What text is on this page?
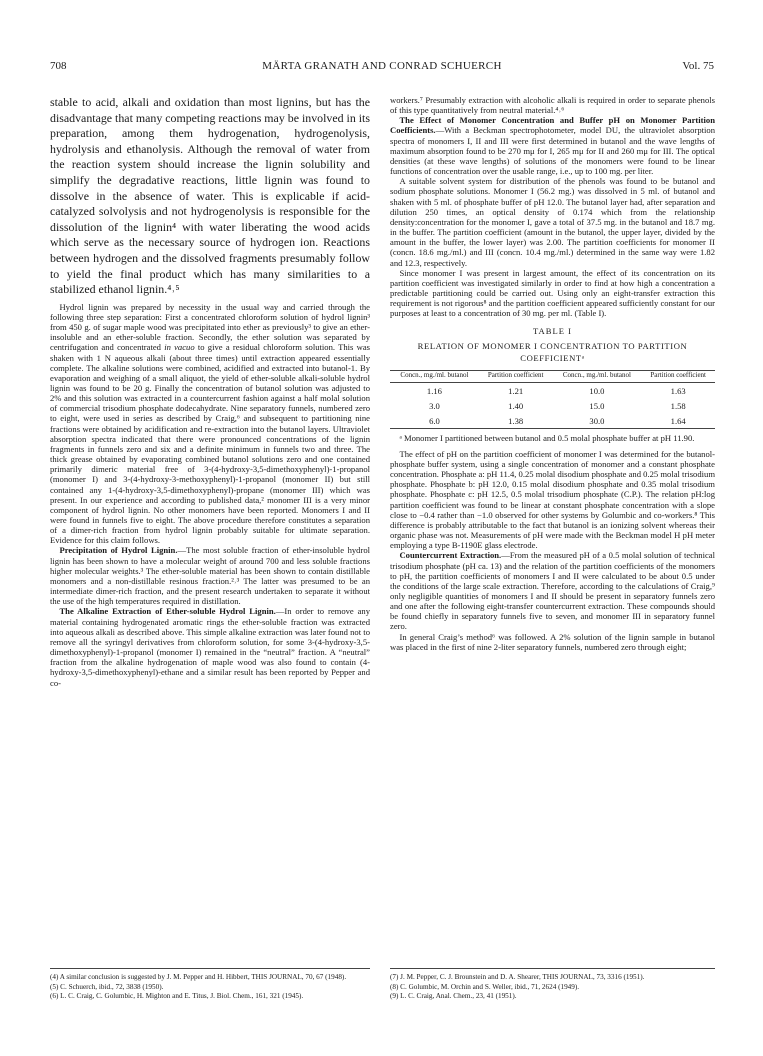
708	MÄRTA GRANATH AND CONRAD SCHUERCH	Vol. 75

stable to acid, alkali and oxidation than most lignins, but has the disadvantage that many competing reactions may be involved in its preparation, among them hydrogenation, hydrogenolysis, hydrolysis and ethanolysis. Although the removal of water from the reaction system should increase the lignin solubility and simplify the degradative reactions, little lignin was found to dissolve in the absence of water. This is explicable if acid-catalyzed solvolysis and not hydrogenolysis is responsible for the dissolution of the lignin⁴ with water liberating the wood acids which serve as the necessary source of hydrogen ion. Reactions between hydrogen and the dissolved fragments presumably follow to yield the final product which has many similarities to a stabilized ethanol lignin.⁴˒⁵

Hydrol lignin was prepared by necessity in the usual way and carried through the following three step separation: First a concentrated chloroform solution of hydrol lignin³ from 450 g. of sugar maple wood was precipitated into ether as previously³ to give an ether-insoluble and an ether-soluble fraction. Secondly, the ether solution was separated by centrifugation and concentrated in vacuo to give a residual chloroform solution. This was shaken with 1 N aqueous alkali (about three times) until extraction appeared essentially complete. The alkaline solutions were combined, acidified and extracted into butanol-1. By evaporation and weighing of a small aliquot, the yield of ether-soluble alkali-soluble hydrol lignin was found to be 20 g. Finally the concentration of butanol solution was adjusted to 2% and this solution was extracted in a countercurrent fashion against a half molal solution of commercial trisodium phosphate dodecahydrate. Nine separatory funnels, numbered zero to eight, were used in series as described by Craig,⁶ and subsequent to partitioning nine fractions were obtained by acidification and re-extraction into the butanol layers. Ultraviolet absorption spectra indicated that there were pronounced concentrations of the lignin fragments in funnels zero and six and a definite minimum in funnels two and three. The thick grease obtained by evaporating combined butanol solutions zero and one contained primarily dimeric material free of 3-(4-hydroxy-3,5-dimethoxyphenyl)-1-propanol (monomer I) and 3-(4-hydroxy-3-methoxyphenyl)-1-propanol (monomer II) but still contained any 1-(4-hydroxy-3,5-dimethoxyphenyl)-propane (monomer III) which was present. In our experience and according to published data,² monomer III is a very minor component of hydrol lignin. No other monomers have been reported. Monomers I and II were found in funnels five to eight. The above procedure therefore constitutes a separation of a dimer-rich fraction from hydrol lignin probably suitable for ultimate separation. Evidence for this claim follows.

Precipitation of Hydrol Lignin.—The most soluble fraction of ether-insoluble hydrol lignin has been shown to have a molecular weight of around 700 and less soluble fractions higher molecular weights.³ The ether-soluble material has been shown to contain distillable monomers and a non-distillable resinous fraction.²˒³ The latter was presumed to be an intermediate dimer-rich fraction, and the present research undertaken to separate it without the use of the high temperatures required in distillation.

The Alkaline Extraction of Ether-soluble Hydrol Lignin.—In order to remove any material containing hydrogenated aromatic rings the ether-soluble fraction was extracted into aqueous alkali as described above. This simple alkaline extraction was later found not to remove all the syringyl derivatives from chloroform solution, for some 3-(4-hydroxy-3,5-dimethoxyphenyl)-1-propanol (monomer I) remained in the “neutral” fraction. A “neutral” fraction from the alkaline hydrogenation of maple wood was also found to contain (4-hydroxy-3,5-dimethoxyphenyl)-ethane and a similar result has been reported by Pepper and co-

(4) A similar conclusion is suggested by J. M. Pepper and H. Hibbert, THIS JOURNAL, 70, 67 (1948).

(5) C. Schuerch, ibid., 72, 3838 (1950).

(6) L. C. Craig, C. Golumbic, H. Mighton and E. Titus, J. Biol. Chem., 161, 321 (1945).

workers.⁷ Presumably extraction with alcoholic alkali is required in order to separate phenols of this type quantitatively from neutral material.⁴˒⁶

The Effect of Monomer Concentration and Buffer pH on Monomer Partition Coefficients.—With a Beckman spectrophotometer, model DU, the ultraviolet absorption spectra of monomers I, II and III were first determined in butanol and the wave lengths of maximum absorption found to be 270 mμ for I, 265 mμ for II and 260 mμ for III. The optical densities (at these wave lengths) of solutions of the monomers were found to be linear functions of concentration over the usable range, i.e., up to 100 mg. per liter.

A suitable solvent system for distribution of the phenols was found to be butanol and sodium phosphate solutions. Monomer I (56.2 mg.) was dissolved in 5 ml. of butanol and shaken with 5 ml. of phosphate buffer of pH 12.0. The butanol layer had, after separation and dilution 250 times, an optical density of 0.174 which from the relationship density:concentration for the monomer I, gave a total of 37.5 mg. in the butanol and 18.7 mg. in the buffer. The partition coefficient (amount in the butanol, the upper layer, divided by the amount in the buffer, the lower layer) was 2.00. The partition coefficients for monomer II (concn. 18.6 mg./ml.) and III (concn. 10.4 mg./ml.) determined in the same way were 1.82 and 12.3, respectively.

Since monomer I was present in largest amount, the effect of its concentration on its partition coefficient was investigated similarly in order to find at how high a concentration a predictable partitioning could be carried out. Using only an eight-transfer extraction this requirement is not rigorous⁸ and the partition coefficient appeared sufficiently constant for our purposes at least to a concentration of 30 mg. per ml. (Table I).

TABLE I
RELATION OF MONOMER I CONCENTRATION TO PARTITION COEFFICIENTᵃ
Concn., mg./ml. butanol	Partition coefficient	Concn., mg./ml. butanol	Partition coefficient
1.16	1.21	10.0	1.63
3.0	1.40	15.0	1.58
6.0	1.38	30.0	1.64

ᵃ Monomer I partitioned between butanol and 0.5 molal phosphate buffer at pH 11.90.

The effect of pH on the partition coefficient of monomer I was determined for the butanol-phosphate buffer system, using a single concentration of monomer and a constant phosphate concentration. Phosphate a: pH 11.4, 0.25 molal disodium phosphate and 0.25 molal trisodium phosphate. Phosphate b: pH 12.0, 0.15 molal disodium phosphate and 0.35 molal trisodium phosphate. Phosphate c: pH 12.5, 0.5 molal trisodium phosphate (C.P.). The relation pH:log partition coefficient was found to be linear at constant phosphate concentration with a slope close to −0.4 rather than −1.0 observed for other systems by Golumbic and co-workers.⁸ This difference is probably attributable to the fact that butanol is an ionizing solvent whereas their organic phase was not. Measurements of pH were made with the Beckman model H pH meter employing a type B-1190E glass electrode.

Countercurrent Extraction.—From the measured pH of a 0.5 molal solution of technical trisodium phosphate (pH ca. 13) and the relation of the partition coefficients of the monomers to pH, the partition coefficients of monomers I and II were calculated to be about 0.5 under the conditions of the large scale extraction. Therefore, according to the calculations of Craig,⁹ only negligible quantities of monomers I and II should be present in separatory funnels zero and one after the following eight-transfer countercurrent extraction. These compounds should be found chiefly in separatory funnels five to seven, and monomer III in separatory funnel zero.

In general Craig’s method⁶ was followed. A 2% solution of the lignin sample in butanol was placed in the first of nine 2-liter separatory funnels, numbered zero through eight;

(7) J. M. Pepper, C. J. Brounstein and D. A. Shearer, THIS JOURNAL, 73, 3316 (1951).

(8) C. Golumbic, M. Orchin and S. Weller, ibid., 71, 2624 (1949).

(9) L. C. Craig, Anal. Chem., 23, 41 (1951).
